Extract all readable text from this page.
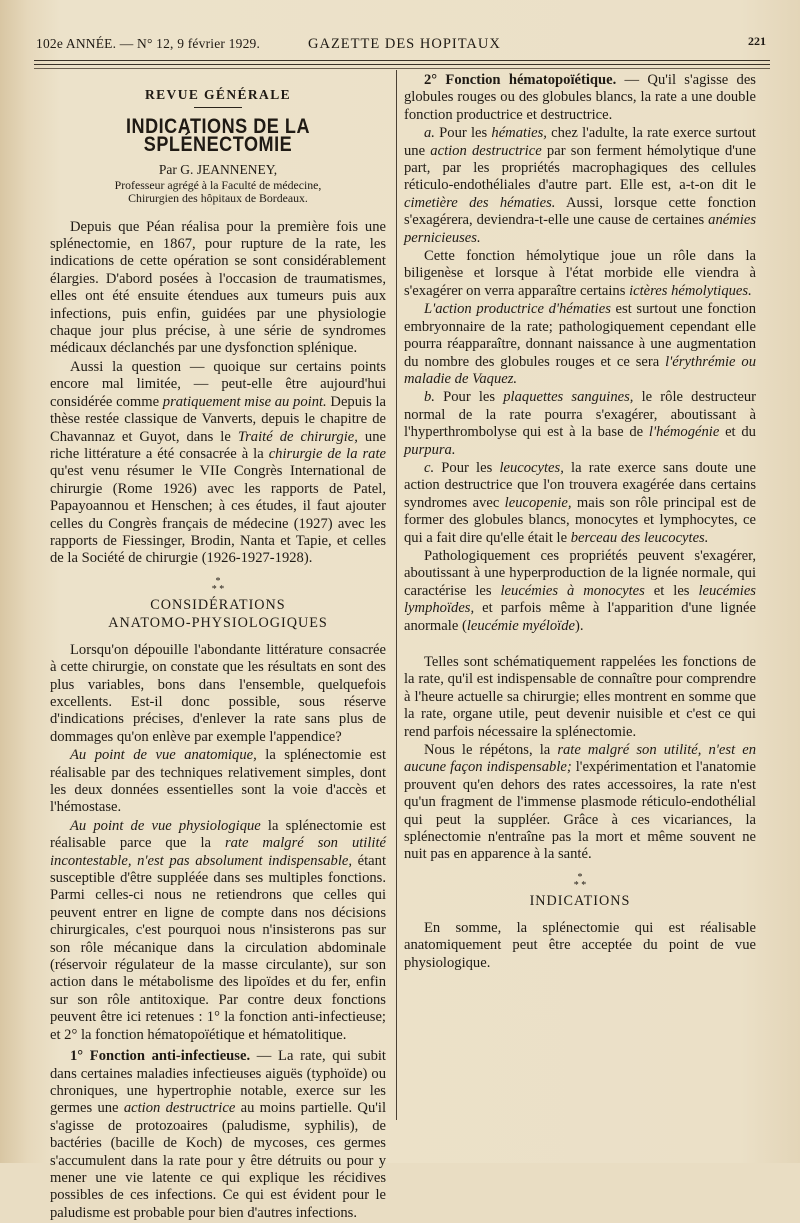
102e ANNÉE. — N° 12, 9 février 1929.	GAZETTE DES HOPITAUX	221
REVUE GÉNÉRALE
INDICATIONS DE LA SPLÉNECTOMIE
Par G. JEANNENEY,
Professeur agrégé à la Faculté de médecine,
Chirurgien des hôpitaux de Bordeaux.

Depuis que Péan réalisa pour la première fois une splénectomie, en 1867, pour rupture de la rate, les indications de cette opération se sont considérablement élargies. D'abord posées à l'occasion de traumatismes, elles ont été ensuite étendues aux tumeurs puis aux infections, puis enfin, guidées par une physiologie chaque jour plus précise, à une série de syndromes médicaux déclanchés par une dysfonction splénique.

Aussi la question — quoique sur certains points encore mal limitée, — peut-elle être aujourd'hui considérée comme pratiquement mise au point. Depuis la thèse restée classique de Vanverts, depuis le chapitre de Chavannaz et Guyot, dans le Traité de chirurgie, une riche littérature a été consacrée à la chirurgie de la rate qu'est venu résumer le VIIe Congrès International de chirurgie (Rome 1926) avec les rapports de Patel, Papayoannou et Henschen; à ces études, il faut ajouter celles du Congrès français de médecine (1927) avec les rapports de Fiessinger, Brodin, Nanta et Tapie, et celles de la Société de chirurgie (1926-1927-1928).

*
* *
CONSIDÉRATIONS
ANATOMO-PHYSIOLOGIQUES

Lorsqu'on dépouille l'abondante littérature consacrée à cette chirurgie, on constate que les résultats en sont des plus variables, bons dans l'ensemble, quelquefois excellents. Est-il donc possible, sous réserve d'indications précises, d'enlever la rate sans plus de dommages qu'on enlève par exemple l'appendice?

Au point de vue anatomique, la splénectomie est réalisable par des techniques relativement simples, dont les deux données essentielles sont la voie d'accès et l'hémostase.

Au point de vue physiologique la splénectomie est réalisable parce que la rate malgré son utilité incontestable, n'est pas absolument indispensable, étant susceptible d'être suppléée dans ses multiples fonctions. Parmi celles-ci nous ne retiendrons que celles qui peuvent entrer en ligne de compte dans nos décisions chirurgicales, c'est pourquoi nous n'insisterons pas sur son rôle mécanique dans la circulation abdominale (réservoir régulateur de la masse circulante), sur son action dans le métabolisme des lipoïdes et du fer, enfin sur son rôle antitoxique. Par contre deux fonctions peuvent être ici retenues : 1° la fonction anti-infectieuse; et 2° la fonction hématopoïétique et hématolitique.

1° Fonction anti-infectieuse. — La rate, qui subit dans certaines maladies infectieuses aiguës (typhoïde) ou chroniques, une hypertrophie notable, exerce sur les germes une action destructrice au moins partielle. Qu'il s'agisse de protozoaires (paludisme, syphilis), de bactéries (bacille de Koch) de mycoses, ces germes s'accumulent dans la rate pour y être détruits ou pour y mener une vie latente ce qui explique les récidives possibles de ces infections. Ce qui est évident pour le paludisme est probable pour bien d'autres infections.

2° Fonction hématopoïétique. — Qu'il s'agisse des globules rouges ou des globules blancs, la rate a une double fonction productrice et destructrice.

a. Pour les hématies, chez l'adulte, la rate exerce surtout une action destructrice par son ferment hémolytique d'une part, par les propriétés macrophagiques des cellules réticulo-endothéliales d'autre part. Elle est, a-t-on dit le cimetière des hématies. Aussi, lorsque cette fonction s'exagérera, deviendra-t-elle une cause de certaines anémies pernicieuses.

Cette fonction hémolytique joue un rôle dans la biligenèse et lorsque à l'état morbide elle viendra à s'exagérer on verra apparaître certains ictères hémolytiques.

L'action productrice d'hématies est surtout une fonction embryonnaire de la rate; pathologiquement cependant elle pourra réapparaître, donnant naissance à une augmentation du nombre des globules rouges et ce sera l'érythrémie ou maladie de Vaquez.

b. Pour les plaquettes sanguines, le rôle destructeur normal de la rate pourra s'exagérer, aboutissant à l'hyperthrombolyse qui est à la base de l'hémogénie et du purpura.

c. Pour les leucocytes, la rate exerce sans doute une action destructrice que l'on trouvera exagérée dans certains syndromes avec leucopenie, mais son rôle principal est de former des globules blancs, monocytes et lymphocytes, ce qui a fait dire qu'elle était le berceau des leucocytes.

Pathologiquement ces propriétés peuvent s'exagérer, aboutissant à une hyperproduction de la lignée normale, qui caractérise les leucémies à monocytes et les leucémies lymphoïdes, et parfois même à l'apparition d'une lignée anormale (leucémie myéloïde).

Telles sont schématiquement rappelées les fonctions de la rate, qu'il est indispensable de connaître pour comprendre à l'heure actuelle sa chirurgie; elles montrent en somme que la rate, organe utile, peut devenir nuisible et c'est ce qui rend parfois nécessaire la splénectomie.

Nous le répétons, la rate malgré son utilité, n'est en aucune façon indispensable; l'expérimentation et l'anatomie prouvent qu'en dehors des rates accessoires, la rate n'est qu'un fragment de l'immense plasmode réticulo-endothélial qui peut la suppléer. Grâce à ces vicariances, la splénectomie n'entraîne pas la mort et même souvent ne nuit pas en apparence à la santé.

*
* *
INDICATIONS

En somme, la splénectomie qui est réalisable anatomiquement peut être acceptée du point de vue physiologique.
